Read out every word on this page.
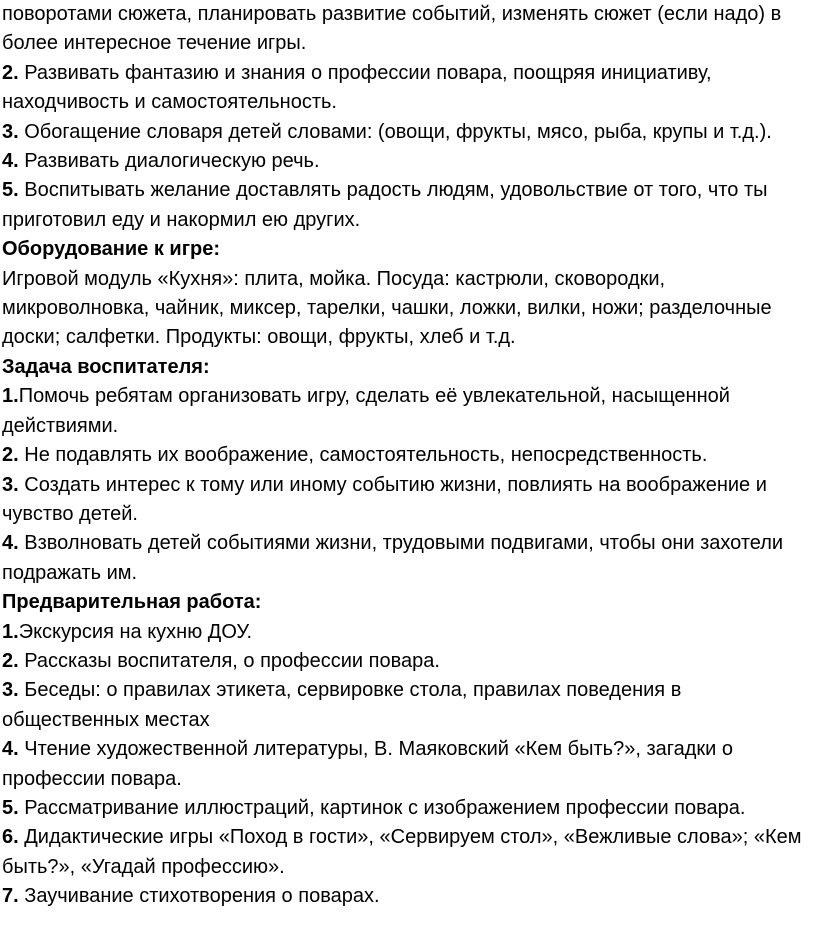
поворотами сюжета, планировать развитие событий, изменять сюжет (если надо) в более интересное течение игры.

2. Развивать фантазию и знания о профессии повара, поощряя инициативу, находчивость и самостоятельность.

3. Обогащение словаря детей словами: (овощи, фрукты, мясо, рыба, крупы и т.д.).

4. Развивать диалогическую речь.

5. Воспитывать желание доставлять радость людям, удовольствие от того, что ты приготовил еду и накормил ею других.

Оборудование к игре:

Игровой модуль «Кухня»: плита, мойка. Посуда: кастрюли, сковородки, микроволновка, чайник, миксер, тарелки, чашки, ложки, вилки, ножи; разделочные доски; салфетки. Продукты: овощи, фрукты, хлеб и т.д.

Задача воспитателя:

1.Помочь ребятам организовать игру, сделать её увлекательной, насыщенной действиями.

2. Не подавлять их воображение, самостоятельность, непосредственность.

3. Создать интерес к тому или иному событию жизни, повлиять на воображение и чувство детей.

4. Взволновать детей событиями жизни, трудовыми подвигами, чтобы они захотели подражать им.

Предварительная работа:

1.Экскурсия на кухню ДОУ.

2. Рассказы воспитателя, о профессии повара.

3. Беседы: о правилах этикета, сервировке стола, правилах поведения в общественных местах

4. Чтение художественной литературы, В. Маяковский «Кем быть?», загадки о профессии повара.

5. Рассматривание иллюстраций, картинок с изображением профессии повара.

6. Дидактические игры «Поход в гости», «Сервируем стол», «Вежливые слова»; «Кем быть?», «Угадай профессию».

7. Заучивание стихотворения о поварах.
